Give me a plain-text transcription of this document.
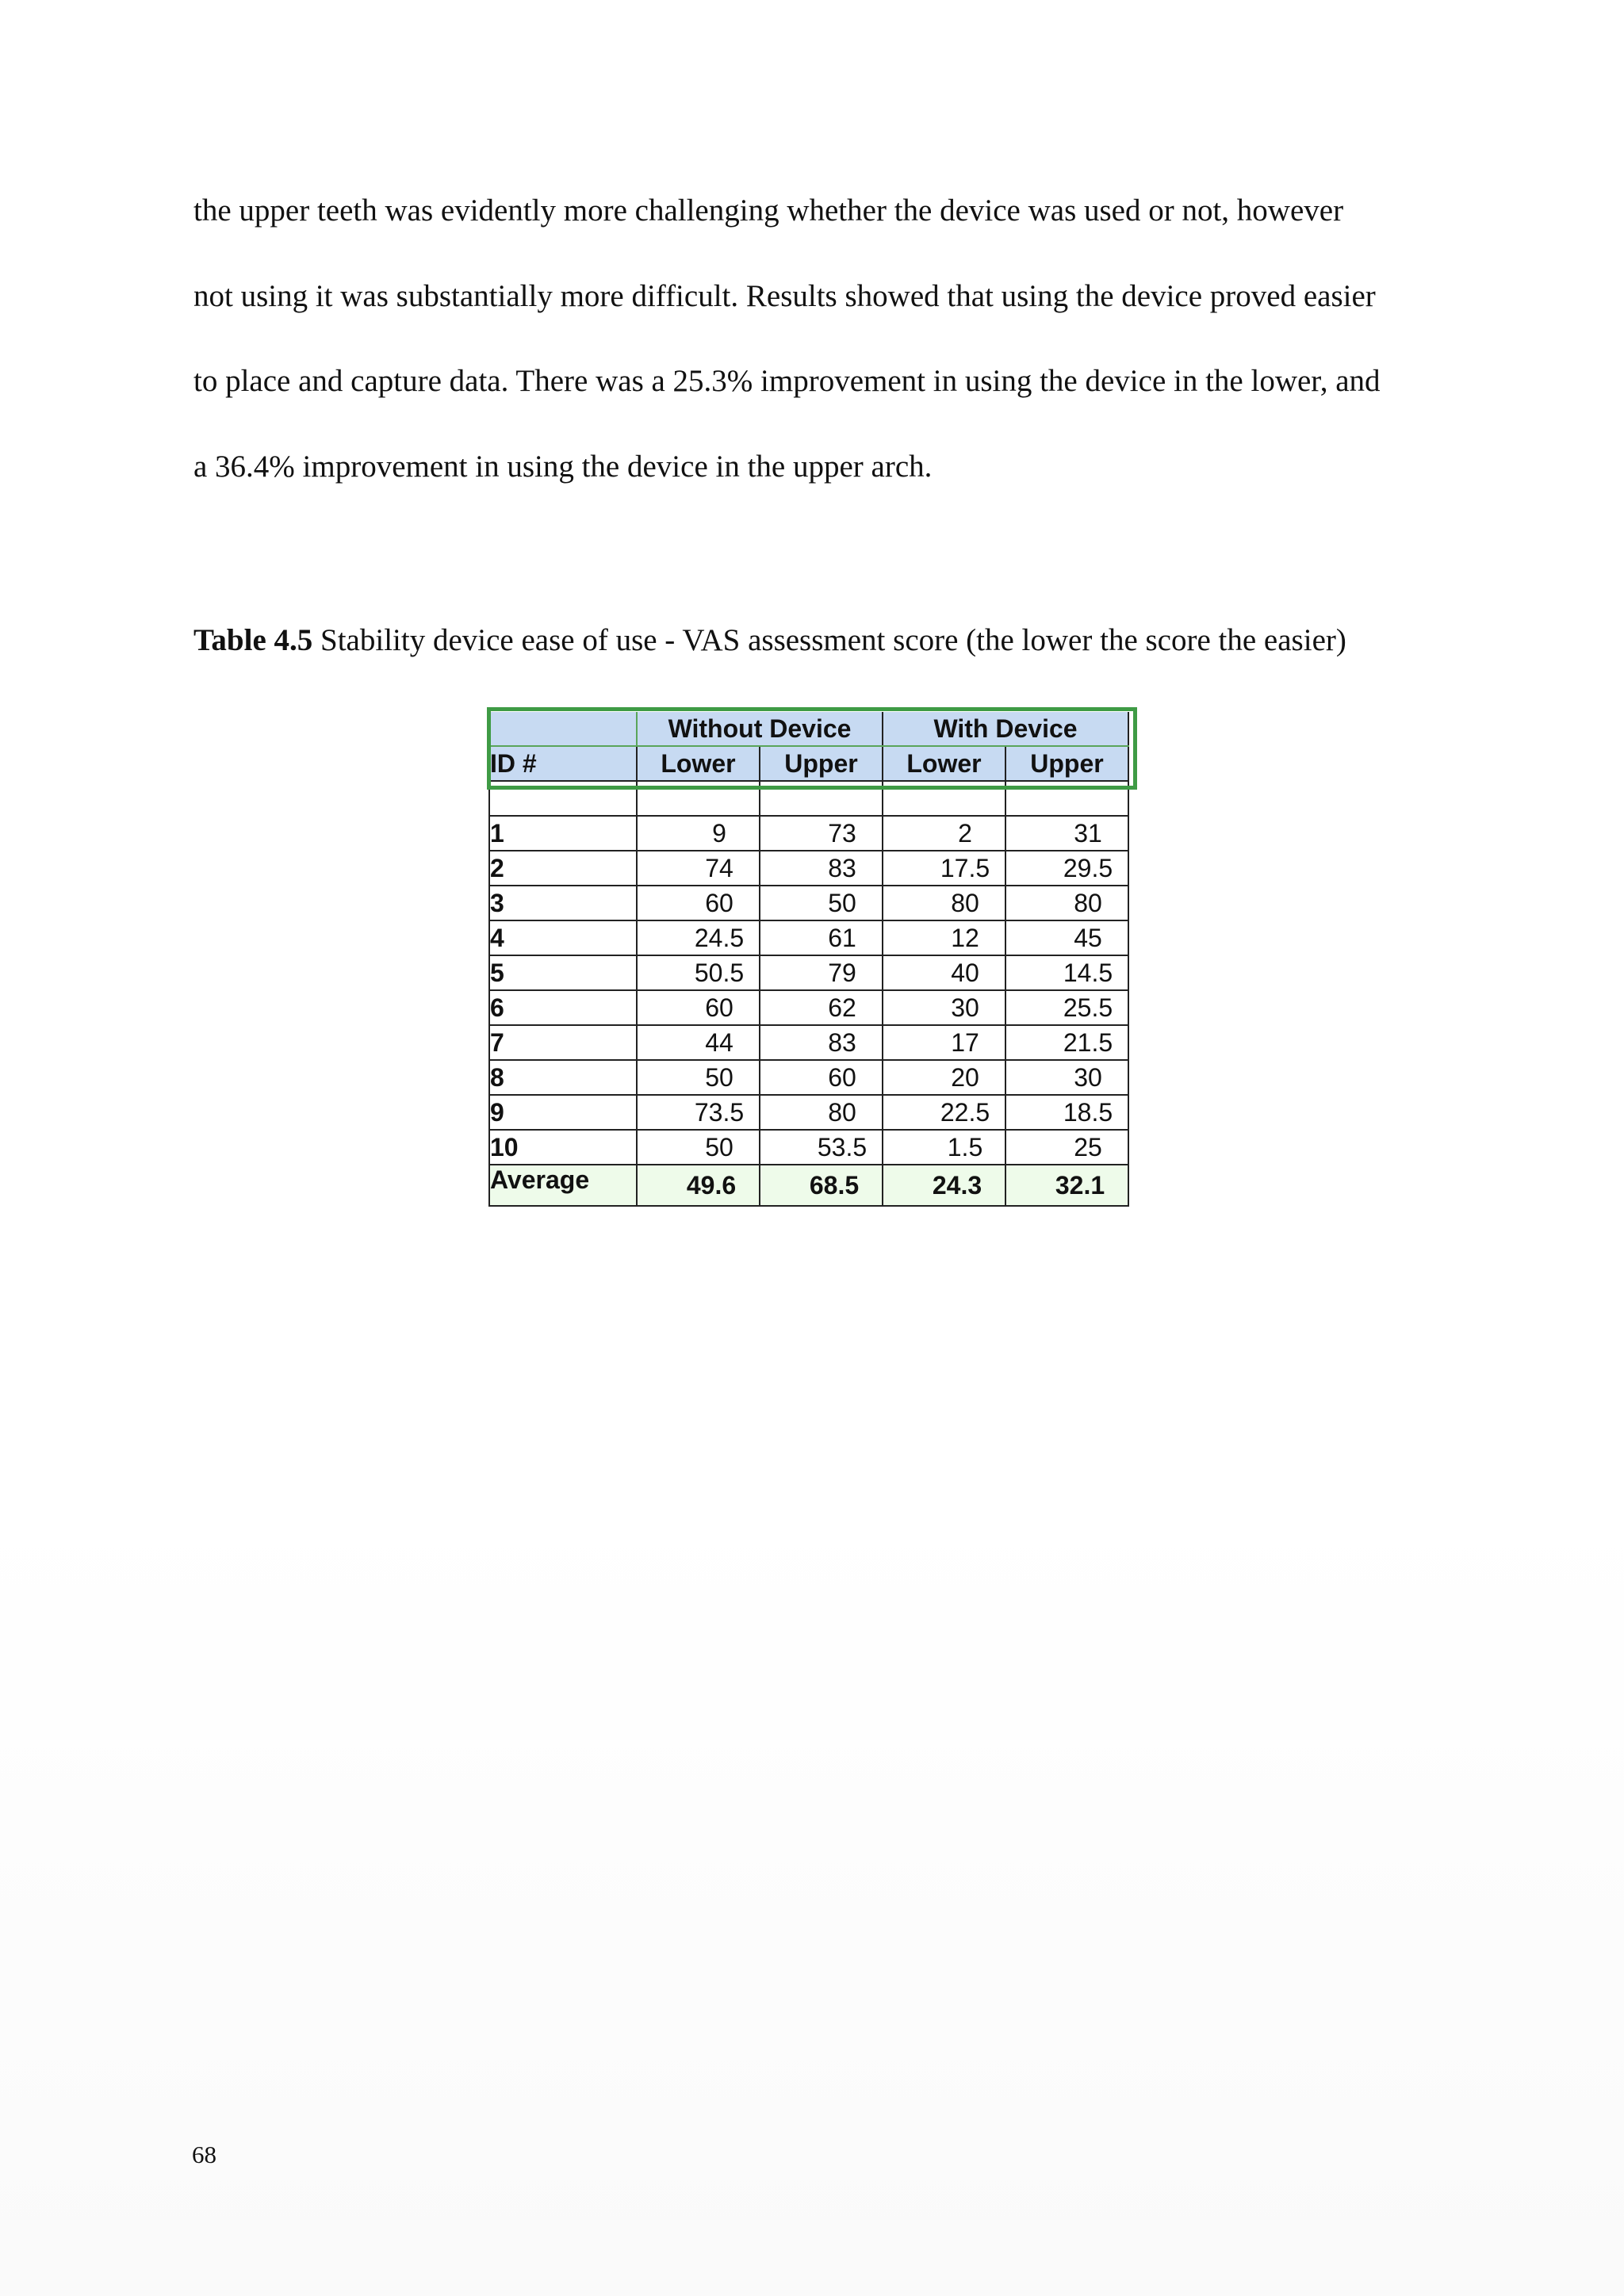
the upper teeth was evidently more challenging whether the device was used or not, however
not using it was substantially more difficult. Results showed that using the device proved easier
to place and capture data. There was a 25.3% improvement in using the device in the lower, and
a 36.4% improvement in using the device in the upper arch.

Table 4.5 Stability device ease of use - VAS assessment score (the lower the score the easier)
	Without Device		With Device	
ID #	Lower	Upper	Lower	Upper

1	9	73	2	31
2	74	83	17.5	29.5
3	60	50	80	80
4	24.5	61	12	45
5	50.5	79	40	14.5
6	60	62	30	25.5
7	44	83	17	21.5
8	50	60	20	30
9	73.5	80	22.5	18.5
10	50	53.5	1.5	25
Average	49.6	68.5	24.3	32.1
68
